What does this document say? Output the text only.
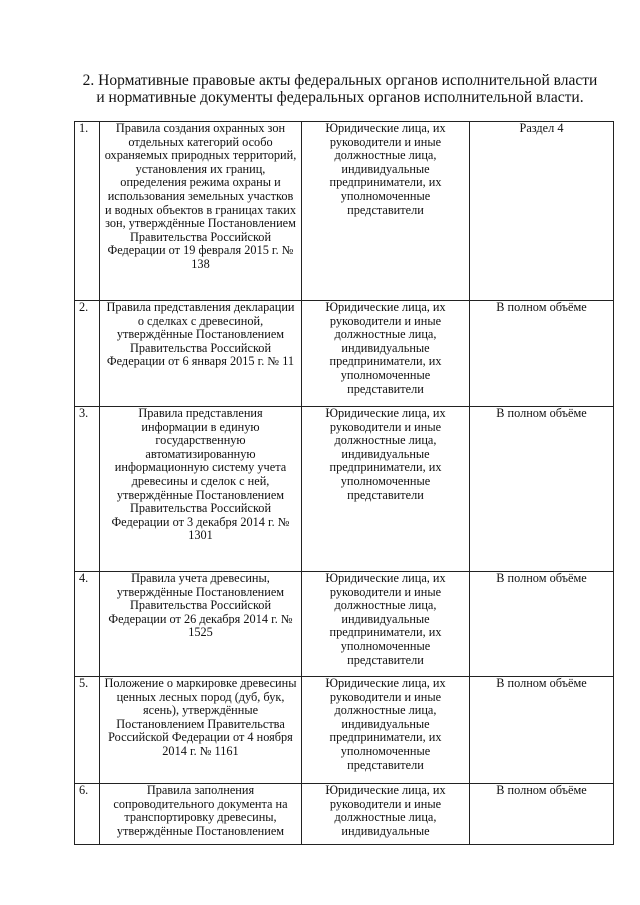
2. Нормативные правовые акты федеральных органов исполнительной власти
и нормативные документы федеральных органов исполнительной власти.
1.	Правила создания охранных зон отдельных категорий особо охраняемых природных территорий, установления их границ, определения режима охраны и использования земельных участков и водных объектов в границах таких зон, утверждённые Постановлением Правительства Российской Федерации от 19 февраля 2015 г. № 138	Юридические лица, их руководители и иные должностные лица, индивидуальные предприниматели, их уполномоченные представители	Раздел 4
2.	Правила представления декларации о сделках с древесиной, утверждённые Постановлением Правительства Российской Федерации от 6 января 2015 г. № 11	Юридические лица, их руководители и иные должностные лица, индивидуальные предприниматели, их уполномоченные представители	В полном объёме
3.	Правила представления информации в единую государственную автоматизированную информационную систему учета древесины и сделок с ней, утверждённые Постановлением Правительства Российской Федерации от 3 декабря 2014 г. № 1301	Юридические лица, их руководители и иные должностные лица, индивидуальные предприниматели, их уполномоченные представители	В полном объёме
4.	Правила учета древесины, утверждённые Постановлением Правительства Российской Федерации от 26 декабря 2014 г. № 1525	Юридические лица, их руководители и иные должностные лица, индивидуальные предприниматели, их уполномоченные представители	В полном объёме
5.	Положение о маркировке древесины ценных лесных пород (дуб, бук, ясень), утверждённые Постановлением Правительства Российской Федерации от 4 ноября 2014 г. № 1161	Юридические лица, их руководители и иные должностные лица, индивидуальные предприниматели, их уполномоченные представители	В полном объёме
6.	Правила заполнения сопроводительного документа на транспортировку древесины, утверждённые Постановлением	Юридические лица, их руководители и иные должностные лица, индивидуальные	В полном объёме
